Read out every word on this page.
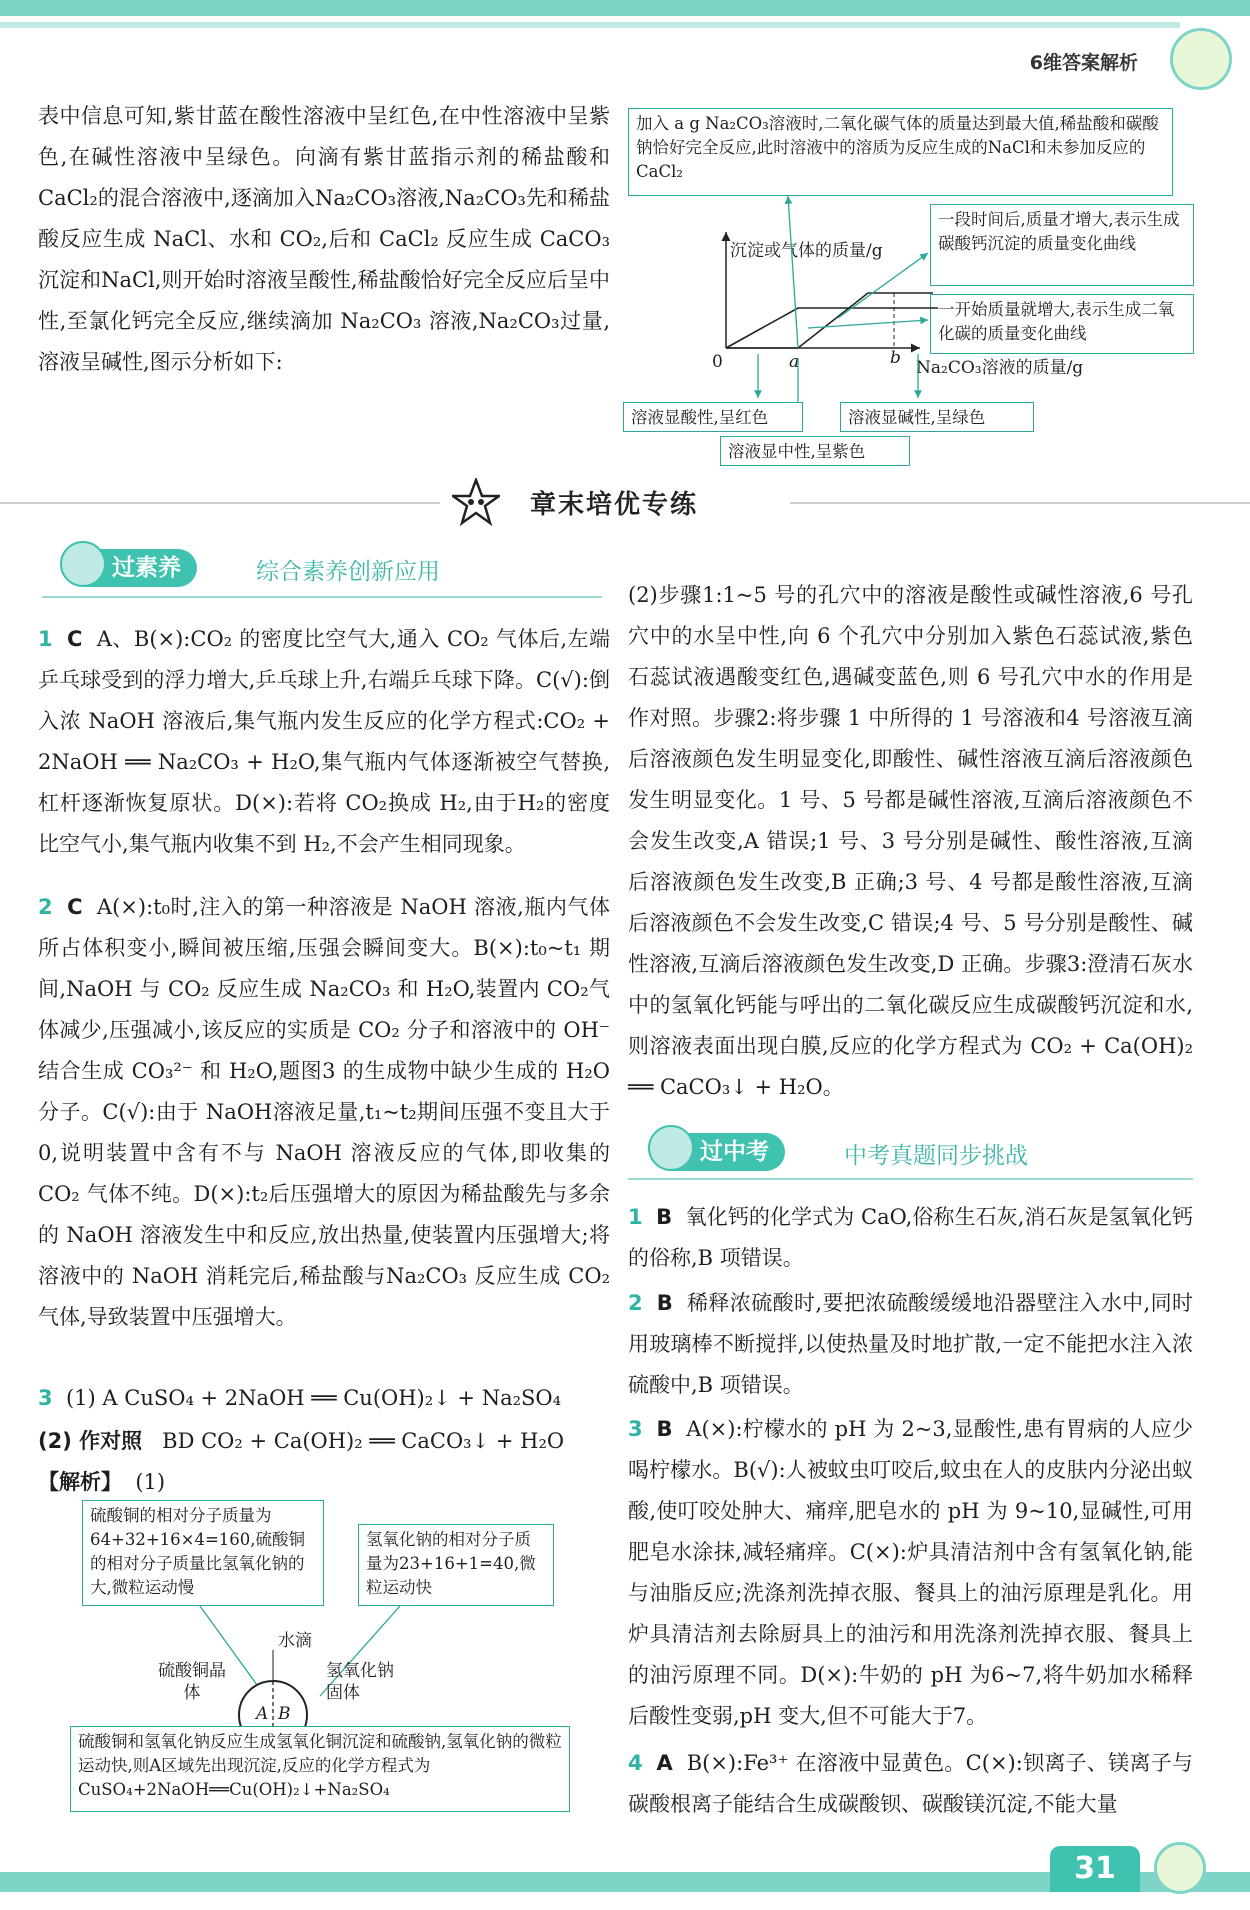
6维答案解析
表中信息可知,紫甘蓝在酸性溶液中呈红色,在中性溶液中呈紫色,在碱性溶液中呈绿色。向滴有紫甘蓝指示剂的稀盐酸和CaCl₂的混合溶液中,逐滴加入Na₂CO₃溶液,Na₂CO₃先和稀盐酸反应生成 NaCl、水和 CO₂,后和 CaCl₂ 反应生成 CaCO₃ 沉淀和NaCl,则开始时溶液呈酸性,稀盐酸恰好完全反应后呈中性,至氯化钙完全反应,继续滴加 Na₂CO₃ 溶液,Na₂CO₃过量,溶液呈碱性,图示分析如下:
加入 a g Na₂CO₃溶液时,二氧化碳气体的质量达到最大值,稀盐酸和碳酸钠恰好完全反应,此时溶液中的溶质为反应生成的NaCl和未参加反应的CaCl₂
一段时间后,质量才增大,表示生成碳酸钙沉淀的质量变化曲线
一开始质量就增大,表示生成二氧化碳的质量变化曲线
沉淀或气体的质量/g
0	a	b Na₂CO₃溶液的质量/g
溶液显酸性,呈红色	溶液显碱性,呈绿色
溶液显中性,呈紫色
章末培优专练
过素养	综合素养创新应用
1 C A、B(×):CO₂ 的密度比空气大,通入 CO₂ 气体后,左端乒乓球受到的浮力增大,乒乓球上升,右端乒乓球下降。C(√):倒入浓 NaOH 溶液后,集气瓶内发生反应的化学方程式:CO₂ + 2NaOH ══ Na₂CO₃ + H₂O,集气瓶内气体逐渐被空气替换,杠杆逐渐恢复原状。D(×):若将 CO₂换成 H₂,由于H₂的密度比空气小,集气瓶内收集不到 H₂,不会产生相同现象。
2 C A(×):t₀时,注入的第一种溶液是 NaOH 溶液,瓶内气体所占体积变小,瞬间被压缩,压强会瞬间变大。B(×):t₀~t₁ 期间,NaOH 与 CO₂ 反应生成 Na₂CO₃ 和 H₂O,装置内 CO₂气体减少,压强减小,该反应的实质是 CO₂ 分子和溶液中的 OH⁻ 结合生成 CO₃²⁻ 和 H₂O,题图3 的生成物中缺少生成的 H₂O 分子。C(√):由于 NaOH溶液足量,t₁~t₂期间压强不变且大于0,说明装置中含有不与 NaOH 溶液反应的气体,即收集的 CO₂ 气体不纯。D(×):t₂后压强增大的原因为稀盐酸先与多余的 NaOH 溶液发生中和反应,放出热量,使装置内压强增大;将溶液中的 NaOH 消耗完后,稀盐酸与Na₂CO₃ 反应生成 CO₂气体,导致装置中压强增大。
3 (1) A CuSO₄ + 2NaOH ══ Cu(OH)₂↓ + Na₂SO₄
(2) 作对照 BD CO₂ + Ca(OH)₂ ══ CaCO₃↓ + H₂O
【解析】 (1)
硫酸铜的相对分子质量为64+32+16×4=160,硫酸铜的相对分子质量比氢氧化钠的大,微粒运动慢
氢氧化钠的相对分子质量为23+16+1=40,微粒运动快
水滴
硫酸铜晶体
氢氧化钠固体
A B
硫酸铜和氢氧化钠反应生成氢氧化铜沉淀和硫酸钠,氢氧化钠的微粒运动快,则A区域先出现沉淀,反应的化学方程式为CuSO₄+2NaOH══Cu(OH)₂↓+Na₂SO₄
(2)步骤1:1~5 号的孔穴中的溶液是酸性或碱性溶液,6 号孔穴中的水呈中性,向 6 个孔穴中分别加入紫色石蕊试液,紫色石蕊试液遇酸变红色,遇碱变蓝色,则 6 号孔穴中水的作用是作对照。步骤2:将步骤 1 中所得的 1 号溶液和4 号溶液互滴后溶液颜色发生明显变化,即酸性、碱性溶液互滴后溶液颜色发生明显变化。1 号、5 号都是碱性溶液,互滴后溶液颜色不会发生改变,A 错误;1 号、3 号分别是碱性、酸性溶液,互滴后溶液颜色发生改变,B 正确;3 号、4 号都是酸性溶液,互滴后溶液颜色不会发生改变,C 错误;4 号、5 号分别是酸性、碱性溶液,互滴后溶液颜色发生改变,D 正确。步骤3:澄清石灰水中的氢氧化钙能与呼出的二氧化碳反应生成碳酸钙沉淀和水,则溶液表面出现白膜,反应的化学方程式为 CO₂ + Ca(OH)₂ ══ CaCO₃↓ + H₂O。
过中考	中考真题同步挑战
1 B 氧化钙的化学式为 CaO,俗称生石灰,消石灰是氢氧化钙的俗称,B 项错误。
2 B 稀释浓硫酸时,要把浓硫酸缓缓地沿器壁注入水中,同时用玻璃棒不断搅拌,以使热量及时地扩散,一定不能把水注入浓硫酸中,B 项错误。
3 B A(×):柠檬水的 pH 为 2~3,显酸性,患有胃病的人应少喝柠檬水。B(√):人被蚊虫叮咬后,蚊虫在人的皮肤内分泌出蚁酸,使叮咬处肿大、痛痒,肥皂水的 pH 为 9~10,显碱性,可用肥皂水涂抹,减轻痛痒。C(×):炉具清洁剂中含有氢氧化钠,能与油脂反应;洗涤剂洗掉衣服、餐具上的油污原理是乳化。用炉具清洁剂去除厨具上的油污和用洗涤剂洗掉衣服、餐具上的油污原理不同。D(×):牛奶的 pH 为6~7,将牛奶加水稀释后酸性变弱,pH 变大,但不可能大于7。
4 A B(×):Fe³⁺ 在溶液中显黄色。C(×):钡离子、镁离子与碳酸根离子能结合生成碳酸钡、碳酸镁沉淀,不能大量
31
